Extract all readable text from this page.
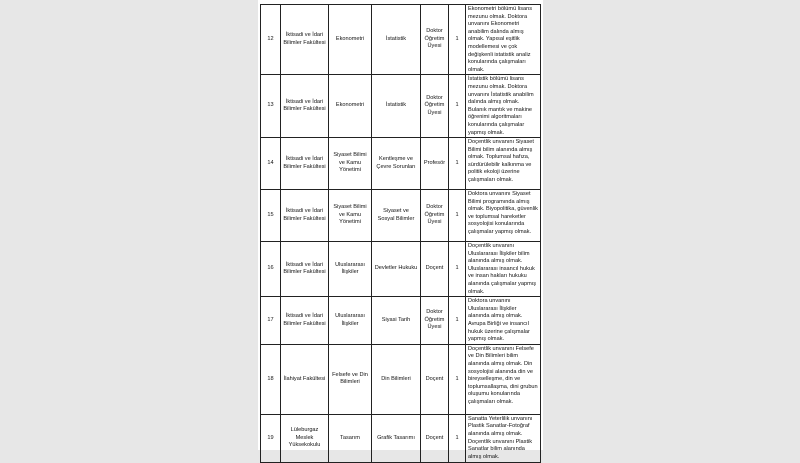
12	İktisadi ve İdari Bilimler Fakültesi	Ekonometri	İstatistik	Doktor Öğretim Üyesi	1	Ekonometri bölümü lisans mezunu olmak. Doktora unvanını Ekonometri anabilim dalında almış olmak. Yapısal eşitlik modellemesi ve çok değişkenli istatistik analiz konularında çalışmaları olmak.
13	İktisadi ve İdari Bilimler Fakültesi	Ekonometri	İstatistik	Doktor Öğretim Üyesi	1	İstatistik bölümü lisans mezunu olmak. Doktora unvanını İstatistik anabilim dalında almış olmak. Bulanık mantık ve makine öğrenimi algoritmaları konularında çalışmalar yapmış olmak.
14	İktisadi ve İdari Bilimler Fakültesi	Siyaset Bilimi ve Kamu Yönetimi	Kentleşme ve Çevre Sorunları	Profesör	1	Doçentlik unvanını Siyaset Bilimi bilim alanında almış olmak. Toplumsal hafıza, sürdürülebilir kalkınma ve politik ekoloji üzerine çalışmaları olmak.
15	İktisadi ve İdari Bilimler Fakültesi	Siyaset Bilimi ve Kamu Yönetimi	Siyaset ve Sosyal Bilimler	Doktor Öğretim Üyesi	1	Doktora unvanını Siyaset Bilimi programında almış olmak. Biyopolitika, güvenlik ve toplumsal hareketler sosyolojisi konularında çalışmalar yapmış olmak.
16	İktisadi ve İdari Bilimler Fakültesi	Uluslararası İlişkiler	Devletler Hukuku	Doçent	1	Doçentlik unvanını Uluslararası İlişkiler bilim alanında almış olmak. Uluslararası insancıl hukuk ve insan hakları hukuku alanında çalışmalar yapmış olmak.
17	İktisadi ve İdari Bilimler Fakültesi	Uluslararası İlişkiler	Siyasi Tarih	Doktor Öğretim Üyesi	1	Doktora unvanını Uluslararası İlişkiler alanında almış olmak. Avrupa Birliği ve insancıl hukuk üzerine çalışmalar yapmış olmak.
18	İlahiyat Fakültesi	Felsefe ve Din Bilimleri	Din Bilimleri	Doçent	1	Doçentlik unvanını Felsefe ve Din Bilimleri bilim alanında almış olmak. Din sosyolojisi alanında din ve bireyselleşme, din ve toplumsallaşma, dini grubun oluşumu konularında çalışmaları olmak.
19	Lüleburgaz Meslek Yüksekokulu	Tasarım	Grafik Tasarımı	Doçent	1	Sanatta Yeterlilik unvanını Plastik Sanatlar-Fotoğraf alanında almış olmak. Doçentlik unvanını Plastik Sanatlar bilim alanında almış olmak.
